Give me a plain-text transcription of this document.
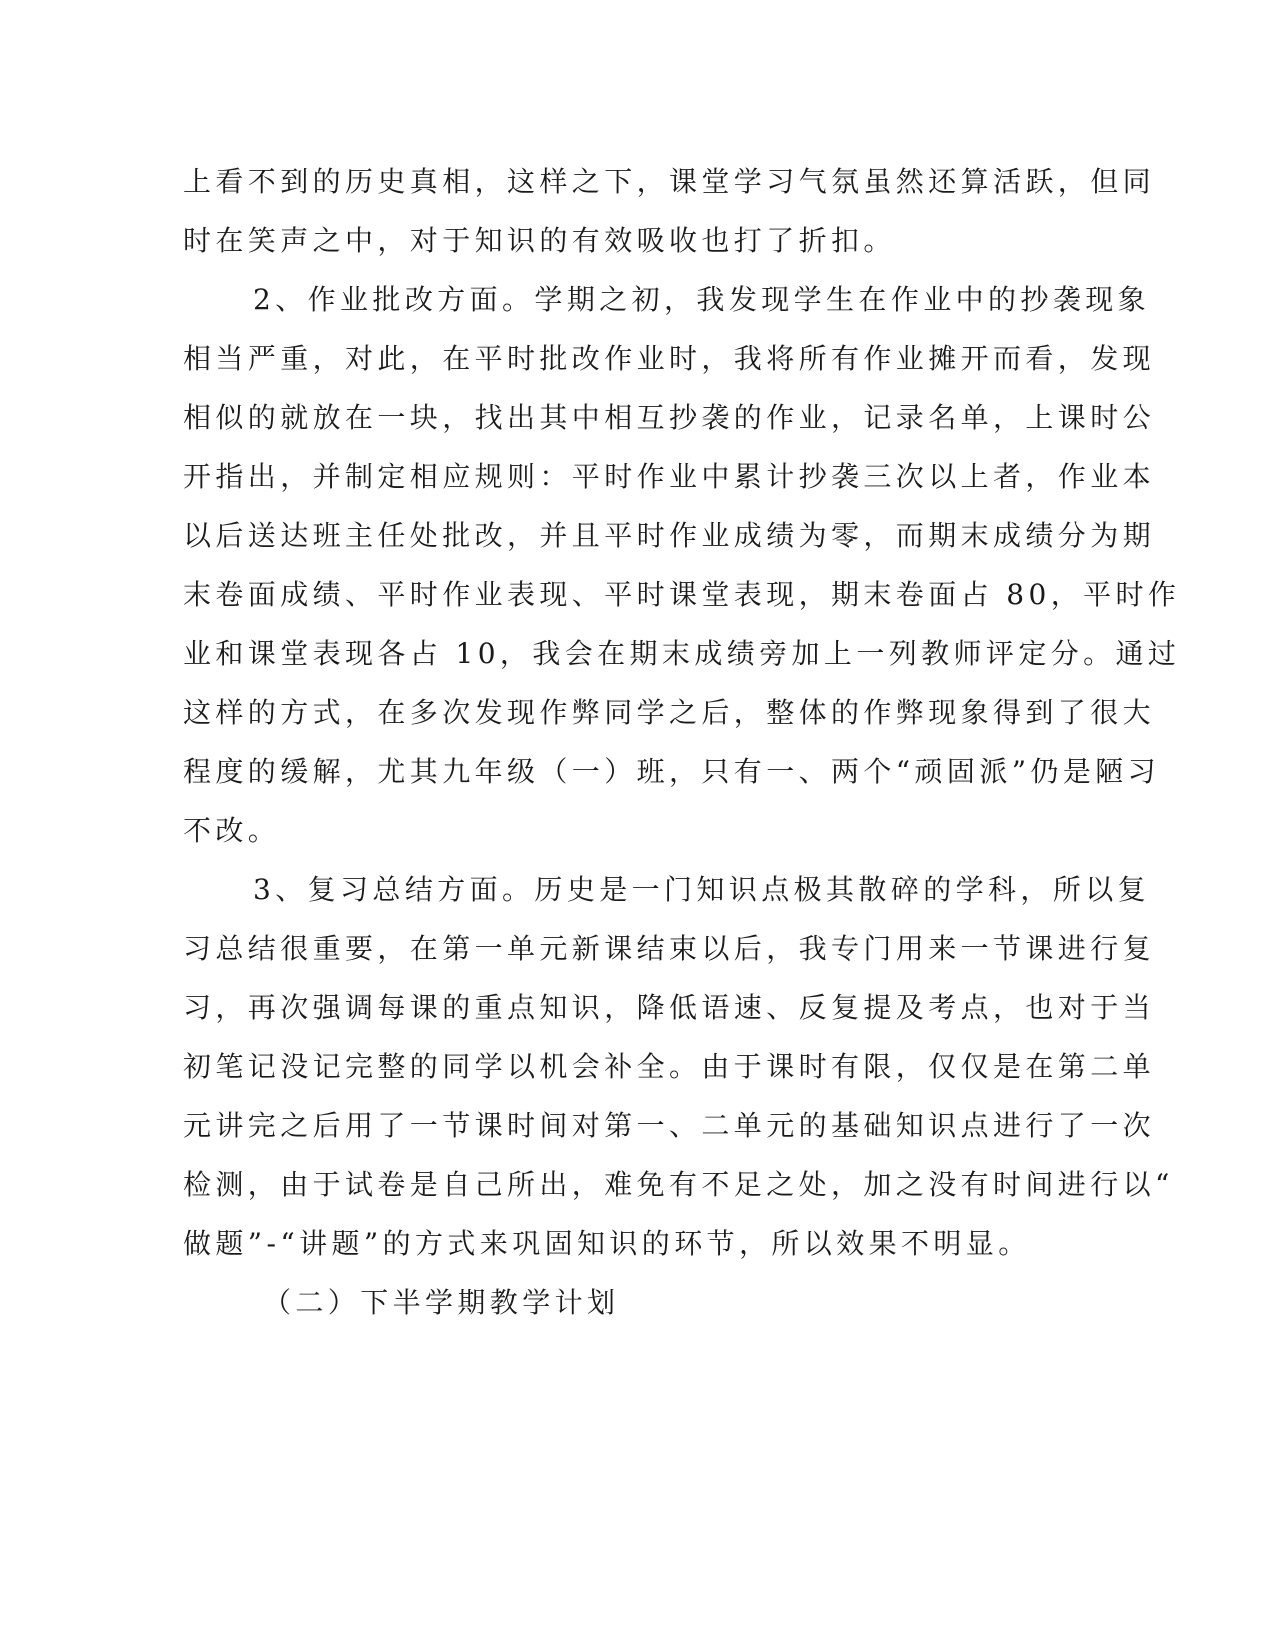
上看不到的历史真相，这样之下，课堂学习气氛虽然还算活跃，但同
时在笑声之中，对于知识的有效吸收也打了折扣。
2、作业批改方面。学期之初，我发现学生在作业中的抄袭现象
相当严重，对此，在平时批改作业时，我将所有作业摊开而看，发现
相似的就放在一块，找出其中相互抄袭的作业，记录名单，上课时公
开指出，并制定相应规则：平时作业中累计抄袭三次以上者，作业本
以后送达班主任处批改，并且平时作业成绩为零，而期末成绩分为期
末卷面成绩、平时作业表现、平时课堂表现，期末卷面占 80，平时作
业和课堂表现各占 10，我会在期末成绩旁加上一列教师评定分。通过
这样的方式，在多次发现作弊同学之后，整体的作弊现象得到了很大
程度的缓解，尤其九年级（一）班，只有一、两个“顽固派”仍是陋习
不改。
3、复习总结方面。历史是一门知识点极其散碎的学科，所以复
习总结很重要，在第一单元新课结束以后，我专门用来一节课进行复
习，再次强调每课的重点知识，降低语速、反复提及考点，也对于当
初笔记没记完整的同学以机会补全。由于课时有限，仅仅是在第二单
元讲完之后用了一节课时间对第一、二单元的基础知识点进行了一次
检测，由于试卷是自己所出，难免有不足之处，加之没有时间进行以“
做题”-“讲题”的方式来巩固知识的环节，所以效果不明显。
（二）下半学期教学计划
